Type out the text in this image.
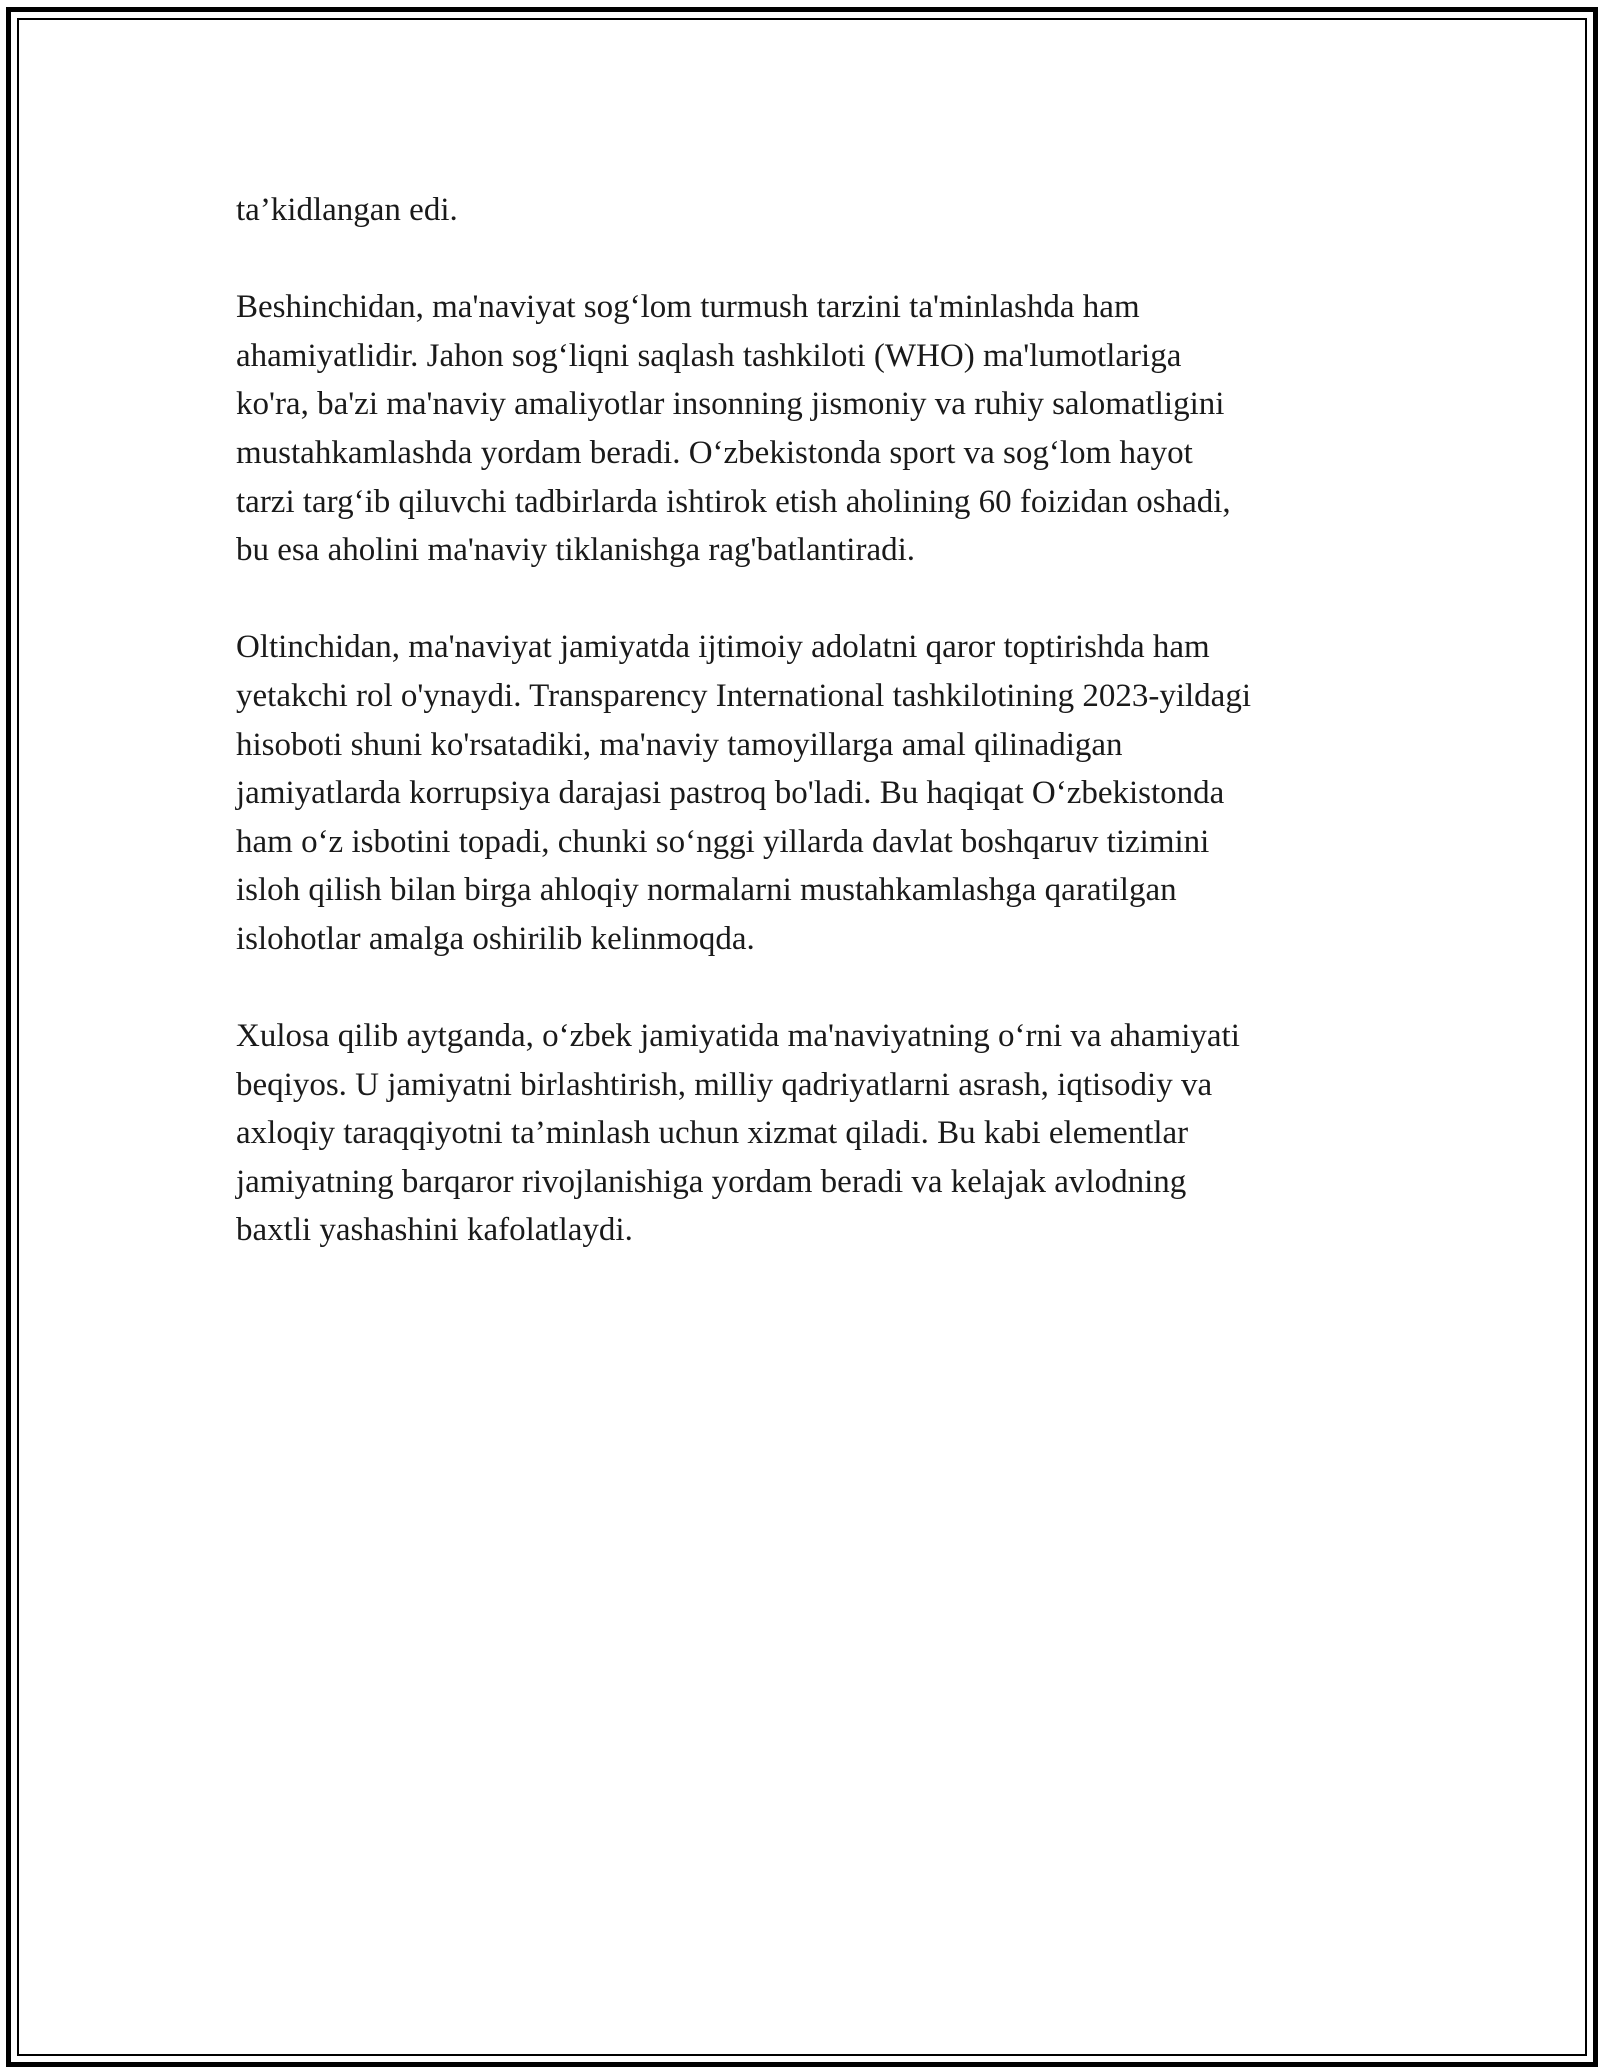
ta’kidlangan edi.

Beshinchidan, ma'naviyat sog‘lom turmush tarzini ta'minlashda ham
ahamiyatlidir. Jahon sog‘liqni saqlash tashkiloti (WHO) ma'lumotlariga
ko'ra, ba'zi ma'naviy amaliyotlar insonning jismoniy va ruhiy salomatligini
mustahkamlashda yordam beradi. O‘zbekistonda sport va sog‘lom hayot
tarzi targ‘ib qiluvchi tadbirlarda ishtirok etish aholining 60 foizidan oshadi,
bu esa aholini ma'naviy tiklanishga rag'batlantiradi.

Oltinchidan, ma'naviyat jamiyatda ijtimoiy adolatni qaror toptirishda ham
yetakchi rol o'ynaydi. Transparency International tashkilotining 2023-yildagi
hisoboti shuni ko'rsatadiki, ma'naviy tamoyillarga amal qilinadigan
jamiyatlarda korrupsiya darajasi pastroq bo'ladi. Bu haqiqat O‘zbekistonda
ham o‘z isbotini topadi, chunki so‘nggi yillarda davlat boshqaruv tizimini
isloh qilish bilan birga ahloqiy normalarni mustahkamlashga qaratilgan
islohotlar amalga oshirilib kelinmoqda.

Xulosa qilib aytganda, o‘zbek jamiyatida ma'naviyatning o‘rni va ahamiyati
beqiyos. U jamiyatni birlashtirish, milliy qadriyatlarni asrash, iqtisodiy va
axloqiy taraqqiyotni ta’minlash uchun xizmat qiladi. Bu kabi elementlar
jamiyatning barqaror rivojlanishiga yordam beradi va kelajak avlodning
baxtli yashashini kafolatlaydi.
